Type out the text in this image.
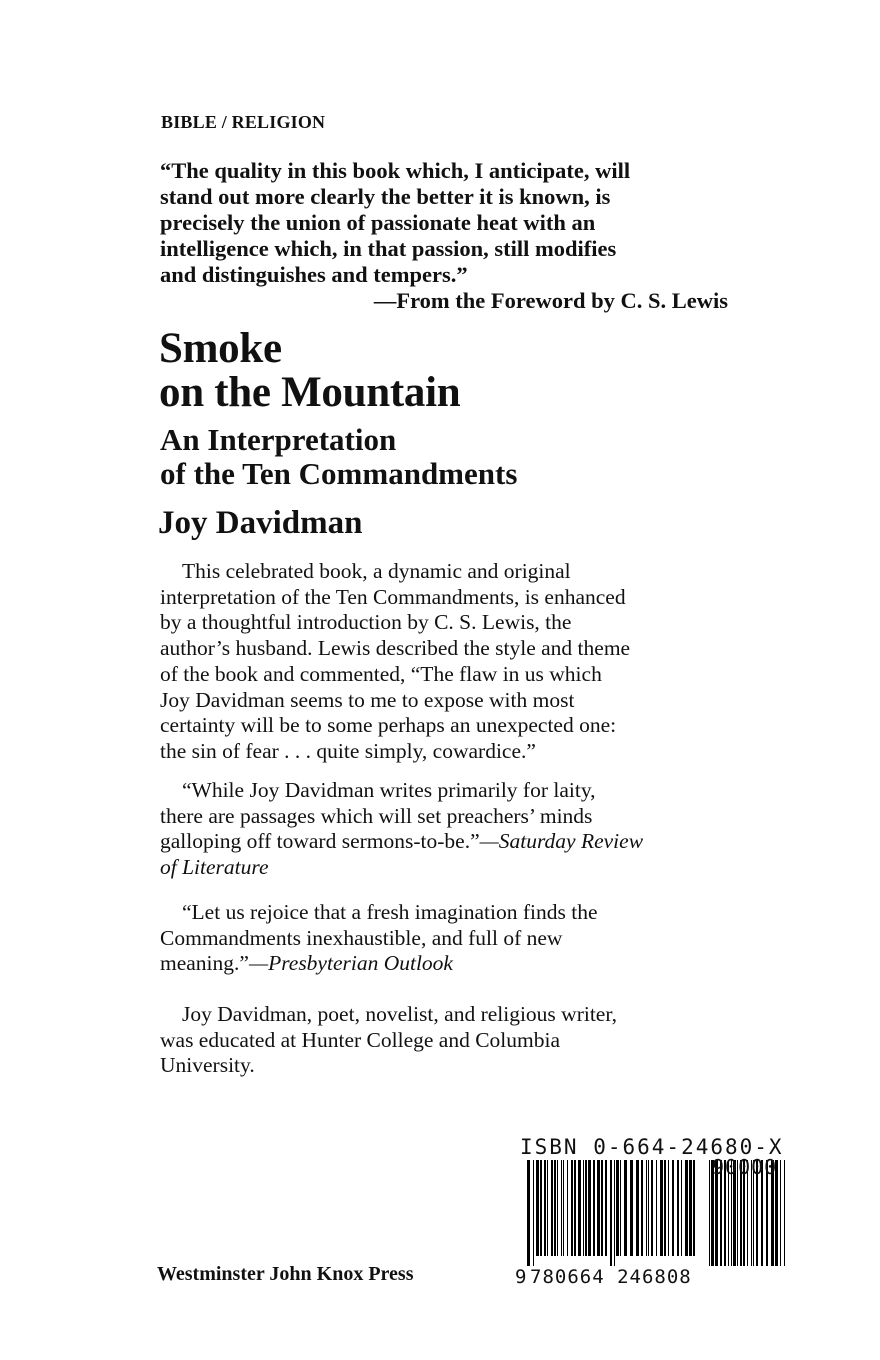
BIBLE / RELIGION
“The quality in this book which, I anticipate, will
stand out more clearly the better it is known, is
precisely the union of passionate heat with an
intelligence which, in that passion, still modifies
and distinguishes and tempers.”
—From the Foreword by C. S. Lewis
Smoke
on the Mountain
An Interpretation
of the Ten Commandments
Joy Davidman
This celebrated book, a dynamic and original
interpretation of the Ten Commandments, is enhanced
by a thoughtful introduction by C. S. Lewis, the
author’s husband. Lewis described the style and theme
of the book and commented, “The flaw in us which
Joy Davidman seems to me to expose with most
certainty will be to some perhaps an unexpected one:
the sin of fear . . . quite simply, cowardice.”
“While Joy Davidman writes primarily for laity,
there are passages which will set preachers’ minds
galloping off toward sermons-to-be.”—Saturday Review
of Literature
“Let us rejoice that a fresh imagination finds the
Commandments inexhaustible, and full of new
meaning.”—Presbyterian Outlook
Joy Davidman, poet, novelist, and religious writer,
was educated at Hunter College and Columbia
University.
ISBN 0-664-24680-X
90000
9 780664 246808
Westminster John Knox Press
